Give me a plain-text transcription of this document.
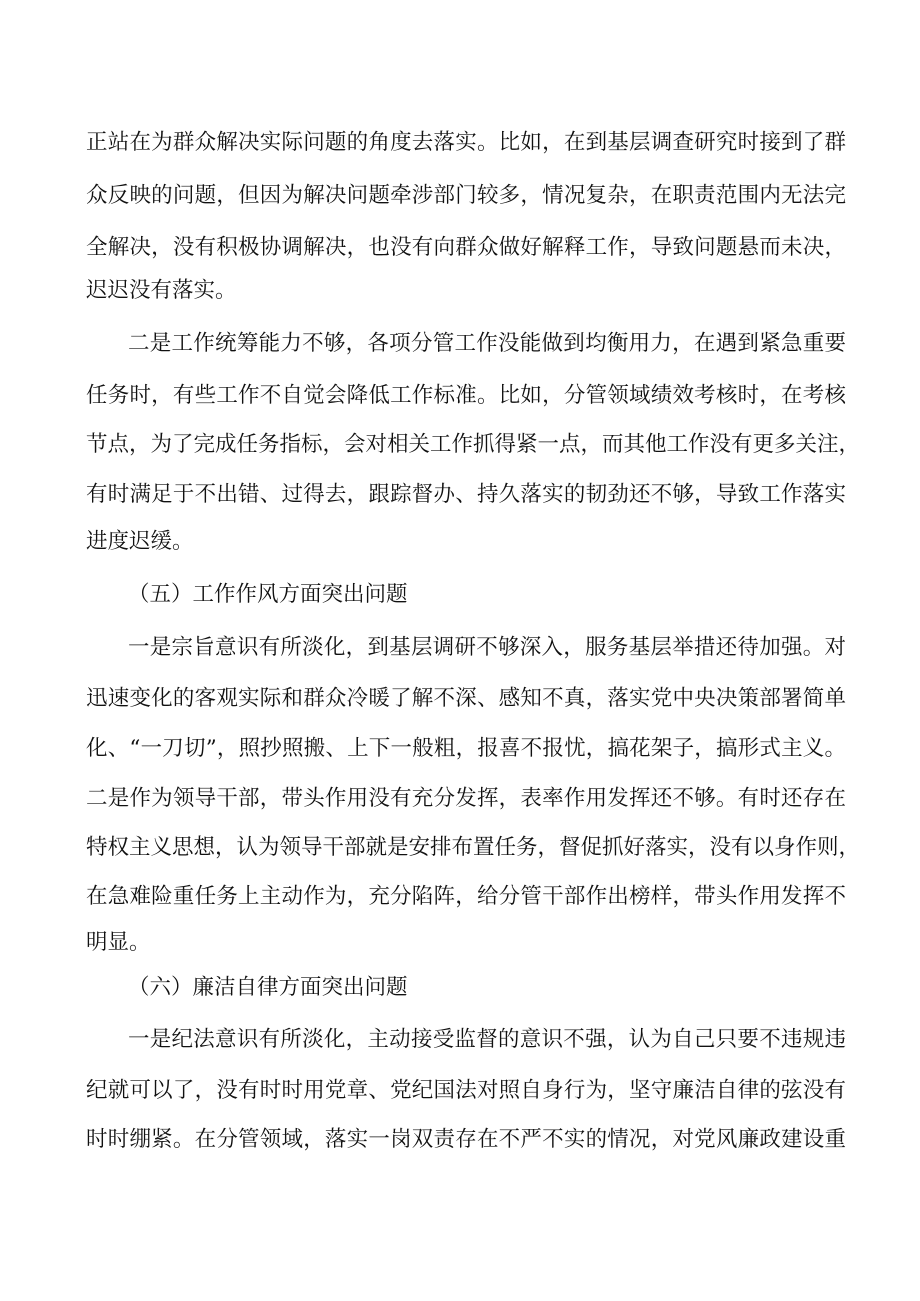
正站在为群众解决实际问题的角度去落实。比如，在到基层调查研究时接到了群
众反映的问题，但因为解决问题牵涉部门较多，情况复杂，在职责范围内无法完
全解决，没有积极协调解决，也没有向群众做好解释工作，导致问题悬而未决，
迟迟没有落实。
二是工作统筹能力不够，各项分管工作没能做到均衡用力，在遇到紧急重要
任务时，有些工作不自觉会降低工作标准。比如，分管领域绩效考核时，在考核
节点，为了完成任务指标，会对相关工作抓得紧一点，而其他工作没有更多关注，
有时满足于不出错、过得去，跟踪督办、持久落实的韧劲还不够，导致工作落实
进度迟缓。
（五）工作作风方面突出问题
一是宗旨意识有所淡化，到基层调研不够深入，服务基层举措还待加强。对
迅速变化的客观实际和群众冷暖了解不深、感知不真，落实党中央决策部署简单
化、“一刀切”，照抄照搬、上下一般粗，报喜不报忧，搞花架子，搞形式主义。
二是作为领导干部，带头作用没有充分发挥，表率作用发挥还不够。有时还存在
特权主义思想，认为领导干部就是安排布置任务，督促抓好落实，没有以身作则，
在急难险重任务上主动作为，充分陷阵，给分管干部作出榜样，带头作用发挥不
明显。
（六）廉洁自律方面突出问题
一是纪法意识有所淡化，主动接受监督的意识不强，认为自己只要不违规违
纪就可以了，没有时时用党章、党纪国法对照自身行为，坚守廉洁自律的弦没有
时时绷紧。在分管领域，落实一岗双责存在不严不实的情况，对党风廉政建设重
